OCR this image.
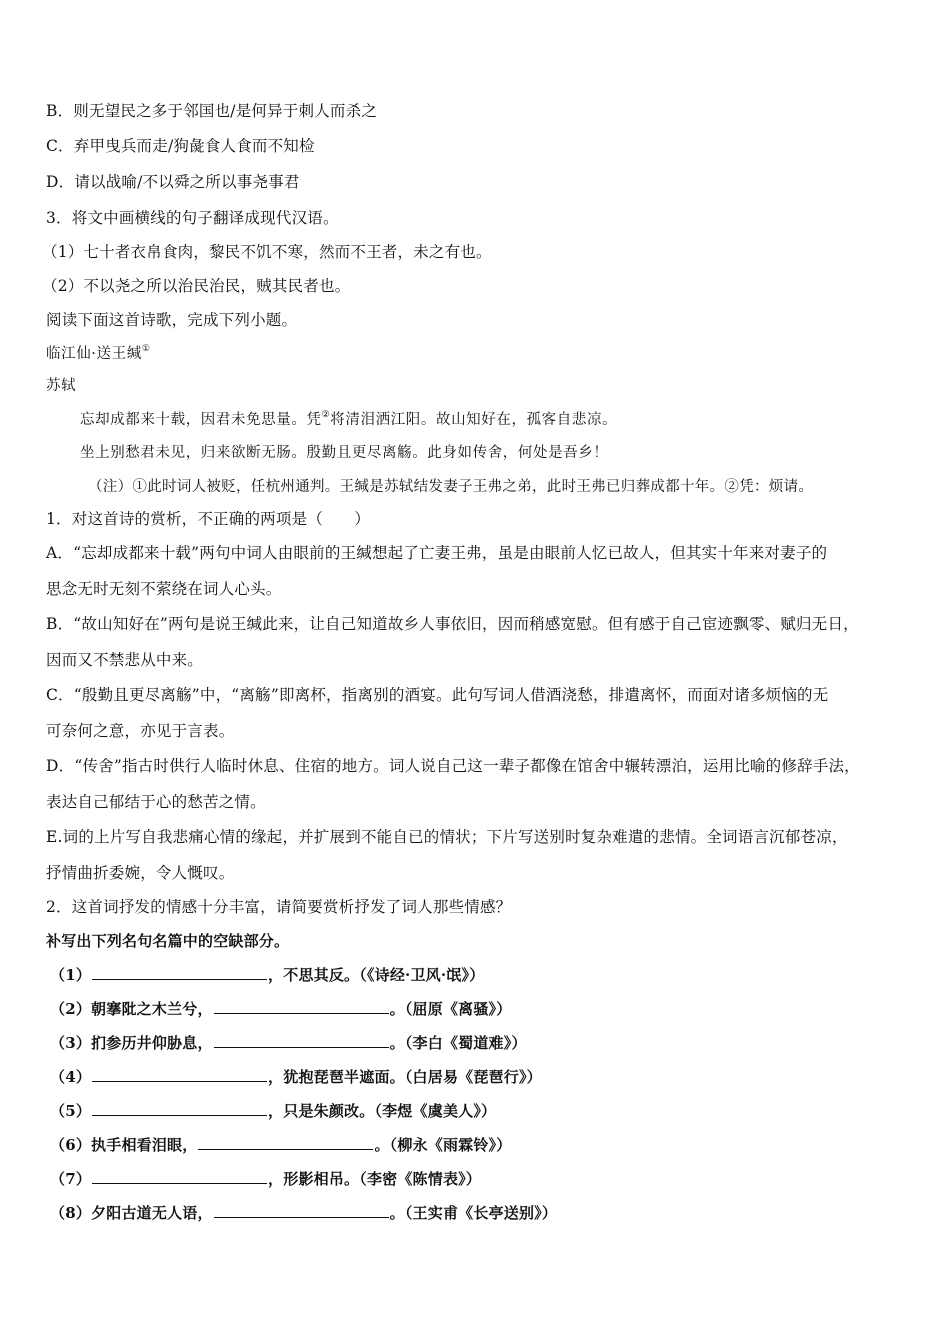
B．则无望民之多于邻国也/是何异于刺人而杀之
C．弃甲曳兵而走/狗彘食人食而不知检
D．请以战喻/不以舜之所以事尧事君
3．将文中画横线的句子翻译成现代汉语。
（1）七十者衣帛食肉，黎民不饥不寒，然而不王者，未之有也。
（2）不以尧之所以治民治民，贼其民者也。
阅读下面这首诗歌，完成下列小题。
临江仙·送王缄①
苏轼
忘却成都来十载，因君未免思量。凭②将清泪洒江阳。故山知好在，孤客自悲凉。
坐上别愁君未见，归来欲断无肠。殷勤且更尽离觞。此身如传舍，何处是吾乡！
（注）①此时词人被贬，任杭州通判。王缄是苏轼结发妻子王弗之弟，此时王弗已归葬成都十年。②凭：烦请。
1．对这首诗的赏析，不正确的两项是（　　）
A．“忘却成都来十载”两句中词人由眼前的王缄想起了亡妻王弗，虽是由眼前人忆已故人，但其实十年来对妻子的
思念无时无刻不萦绕在词人心头。
B．“故山知好在”两句是说王缄此来，让自己知道故乡人事依旧，因而稍感宽慰。但有感于自己宦迹飘零、赋归无日，
因而又不禁悲从中来。
C．“殷勤且更尽离觞”中，“离觞”即离杯，指离别的酒宴。此句写词人借酒浇愁，排遣离怀，而面对诸多烦恼的无
可奈何之意，亦见于言表。
D．“传舍”指古时供行人临时休息、住宿的地方。词人说自己这一辈子都像在馆舍中辗转漂泊，运用比喻的修辞手法，
表达自己郁结于心的愁苦之情。
E.词的上片写自我悲痛心情的缘起，并扩展到不能自已的情状；下片写送别时复杂难遣的悲情。全词语言沉郁苍凉，
抒情曲折委婉，令人慨叹。
2．这首词抒发的情感十分丰富，请简要赏析抒发了词人那些情感？
补写出下列名句名篇中的空缺部分。
（1）	，不思其反。（《诗经·卫风·氓》）
（2）朝搴阰之木兰兮，	。（屈原《离骚》）
（3）扪参历井仰胁息，	。（李白《蜀道难》）
（4）	，犹抱琵琶半遮面。（白居易《琵琶行》）
（5）	，只是朱颜改。（李煜《虞美人》）
（6）执手相看泪眼，	。（柳永《雨霖铃》）
（7）	，形影相吊。（李密《陈情表》）
（8）夕阳古道无人语，	。（王实甫《长亭送别》）
